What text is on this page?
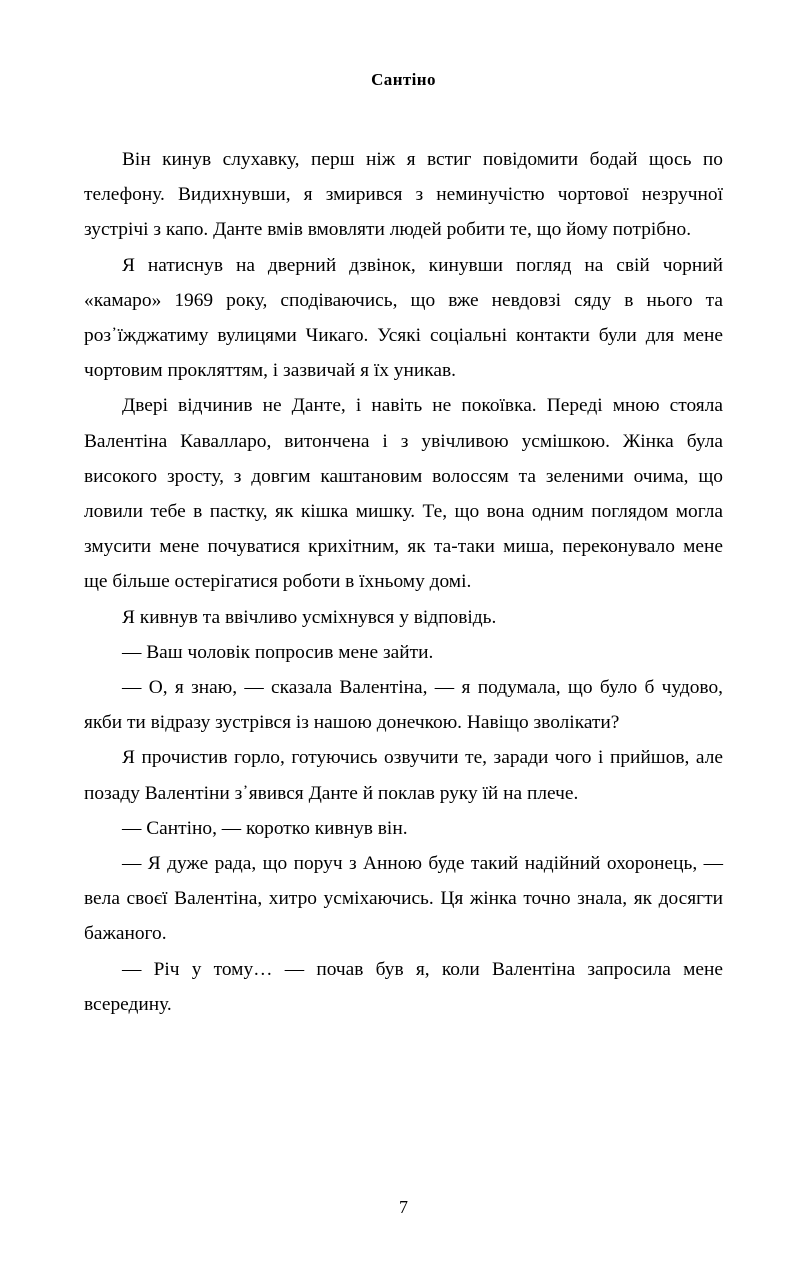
Сантіно

Він кинув слухавку, перш ніж я встиг повідомити бодай щось по телефону. Видихнувши, я змирився з неминучістю чортової незручної зустрічі з капо. Данте вмів вмовляти людей робити те, що йому потрібно.

Я натиснув на дверний дзвінок, кинувши погляд на свій чорний «камаро» 1969 року, сподіваючись, що вже невдовзі сяду в нього та роз᾽їжджатиму вулицями Чикаго. Усякі соціальні контакти були для мене чортовим прокляттям, і зазвичай я їх уникав.

Двері відчинив не Данте, і навіть не покоївка. Переді мною стояла Валентіна Каваллaро, витончена і з увічливою усмішкою. Жінка була високого зросту, з довгим каштановим волоссям та зеленими очима, що ловили тебе в пастку, як кішка мишку. Те, що вона одним поглядом могла змусити мене почуватися крихітним, як та-таки миша, переконувало мене ще більше остерігатися роботи в їхньому домі.

Я кивнув та ввічливо усміхнувся у відповідь.

— Ваш чоловік попросив мене зайти.

— О, я знаю, — сказала Валентіна, — я подумала, що було б чудово, якби ти відразу зустрівся із нашою донечкою. Навіщо зволікати?

Я прочистив горло, готуючись озвучити те, заради чого і прийшов, але позаду Валентіни з᾽явився Данте й поклав руку їй на плече.

— Сантіно, — коротко кивнув він.

— Я дуже рада, що поруч з Анною буде такий надійний охоронець, — вела своєї Валентіна, хитро усміхаючись. Ця жінка точно знала, як досягти бажаного.

— Річ у тому… — почав був я, коли Валентіна запросила мене всередину.

7
